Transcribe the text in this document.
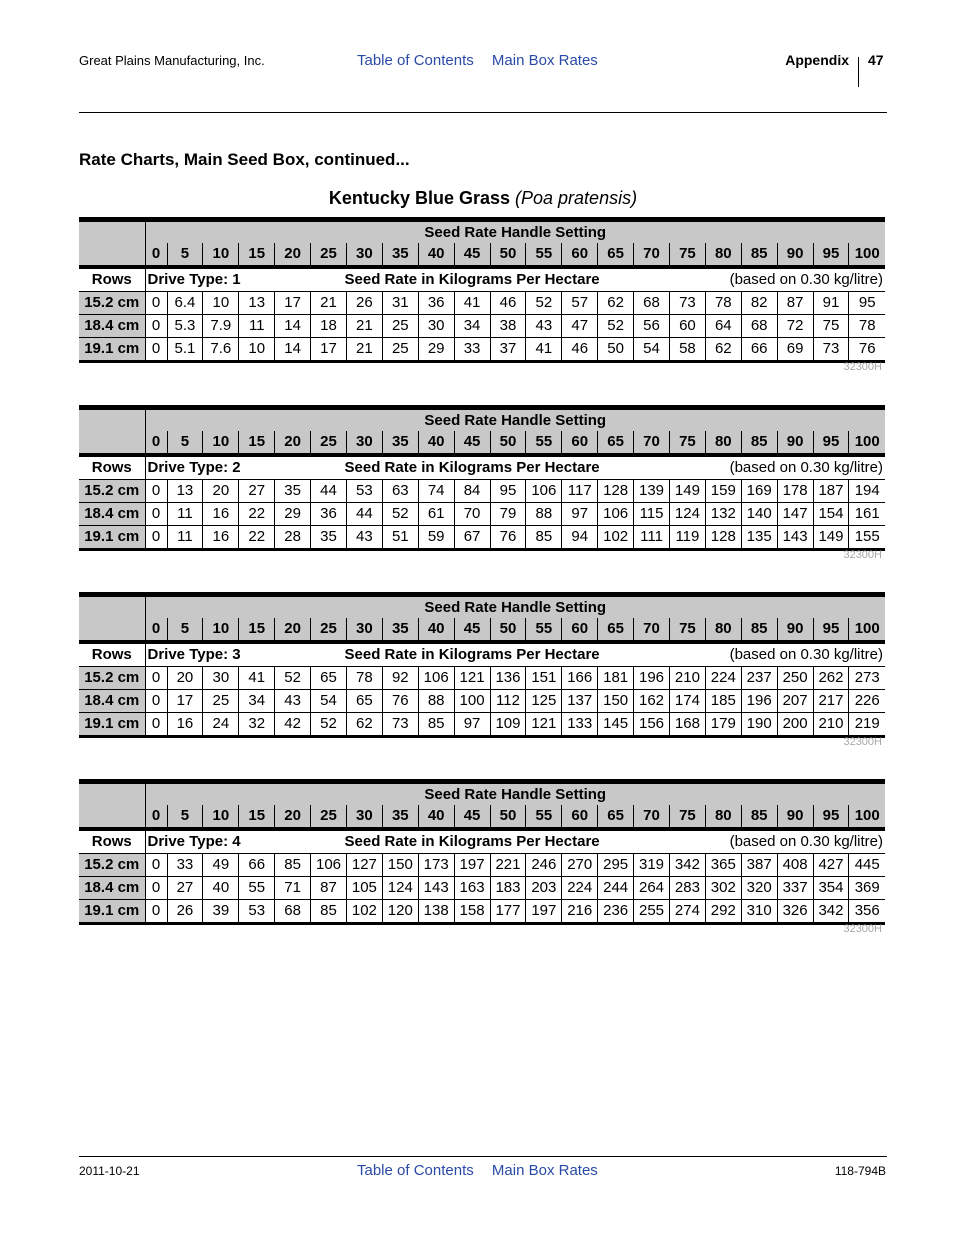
Great Plains Manufacturing, Inc.	Table of Contents Main Box Rates	Appendix 47
Rate Charts, Main Seed Box, continued...
Kentucky Blue Grass (Poa pratensis)
	Seed Rate Handle Setting																				
	0	5	10	15	20	25	30	35	40	45	50	55	60	65	70	75	80	85	90	95	100
Rows	Drive Type: 1				Seed Rate in Kilograms Per Hectare											(based on 0.30 kg/litre)					
15.2 cm	0	6.4	10	13	17	21	26	31	36	41	46	52	57	62	68	73	78	82	87	91	95
18.4 cm	0	5.3	7.9	11	14	18	21	25	30	34	38	43	47	52	56	60	64	68	72	75	78
19.1 cm	0	5.1	7.6	10	14	17	21	25	29	33	37	41	46	50	54	58	62	66	69	73	76
32300H
	Seed Rate Handle Setting																				
	0	5	10	15	20	25	30	35	40	45	50	55	60	65	70	75	80	85	90	95	100
Rows	Drive Type: 2				Seed Rate in Kilograms Per Hectare											(based on 0.30 kg/litre)					
15.2 cm	0	13	20	27	35	44	53	63	74	84	95	106	117	128	139	149	159	169	178	187	194
18.4 cm	0	11	16	22	29	36	44	52	61	70	79	88	97	106	115	124	132	140	147	154	161
19.1 cm	0	11	16	22	28	35	43	51	59	67	76	85	94	102	111	119	128	135	143	149	155
32300H
	Seed Rate Handle Setting																				
	0	5	10	15	20	25	30	35	40	45	50	55	60	65	70	75	80	85	90	95	100
Rows	Drive Type: 3				Seed Rate in Kilograms Per Hectare											(based on 0.30 kg/litre)					
15.2 cm	0	20	30	41	52	65	78	92	106	121	136	151	166	181	196	210	224	237	250	262	273
18.4 cm	0	17	25	34	43	54	65	76	88	100	112	125	137	150	162	174	185	196	207	217	226
19.1 cm	0	16	24	32	42	52	62	73	85	97	109	121	133	145	156	168	179	190	200	210	219
32300H
	Seed Rate Handle Setting																				
	0	5	10	15	20	25	30	35	40	45	50	55	60	65	70	75	80	85	90	95	100
Rows	Drive Type: 4				Seed Rate in Kilograms Per Hectare											(based on 0.30 kg/litre)					
15.2 cm	0	33	49	66	85	106	127	150	173	197	221	246	270	295	319	342	365	387	408	427	445
18.4 cm	0	27	40	55	71	87	105	124	143	163	183	203	224	244	264	283	302	320	337	354	369
19.1 cm	0	26	39	53	68	85	102	120	138	158	177	197	216	236	255	274	292	310	326	342	356
32300H
2011-10-21	Table of Contents Main Box Rates	118-794B
